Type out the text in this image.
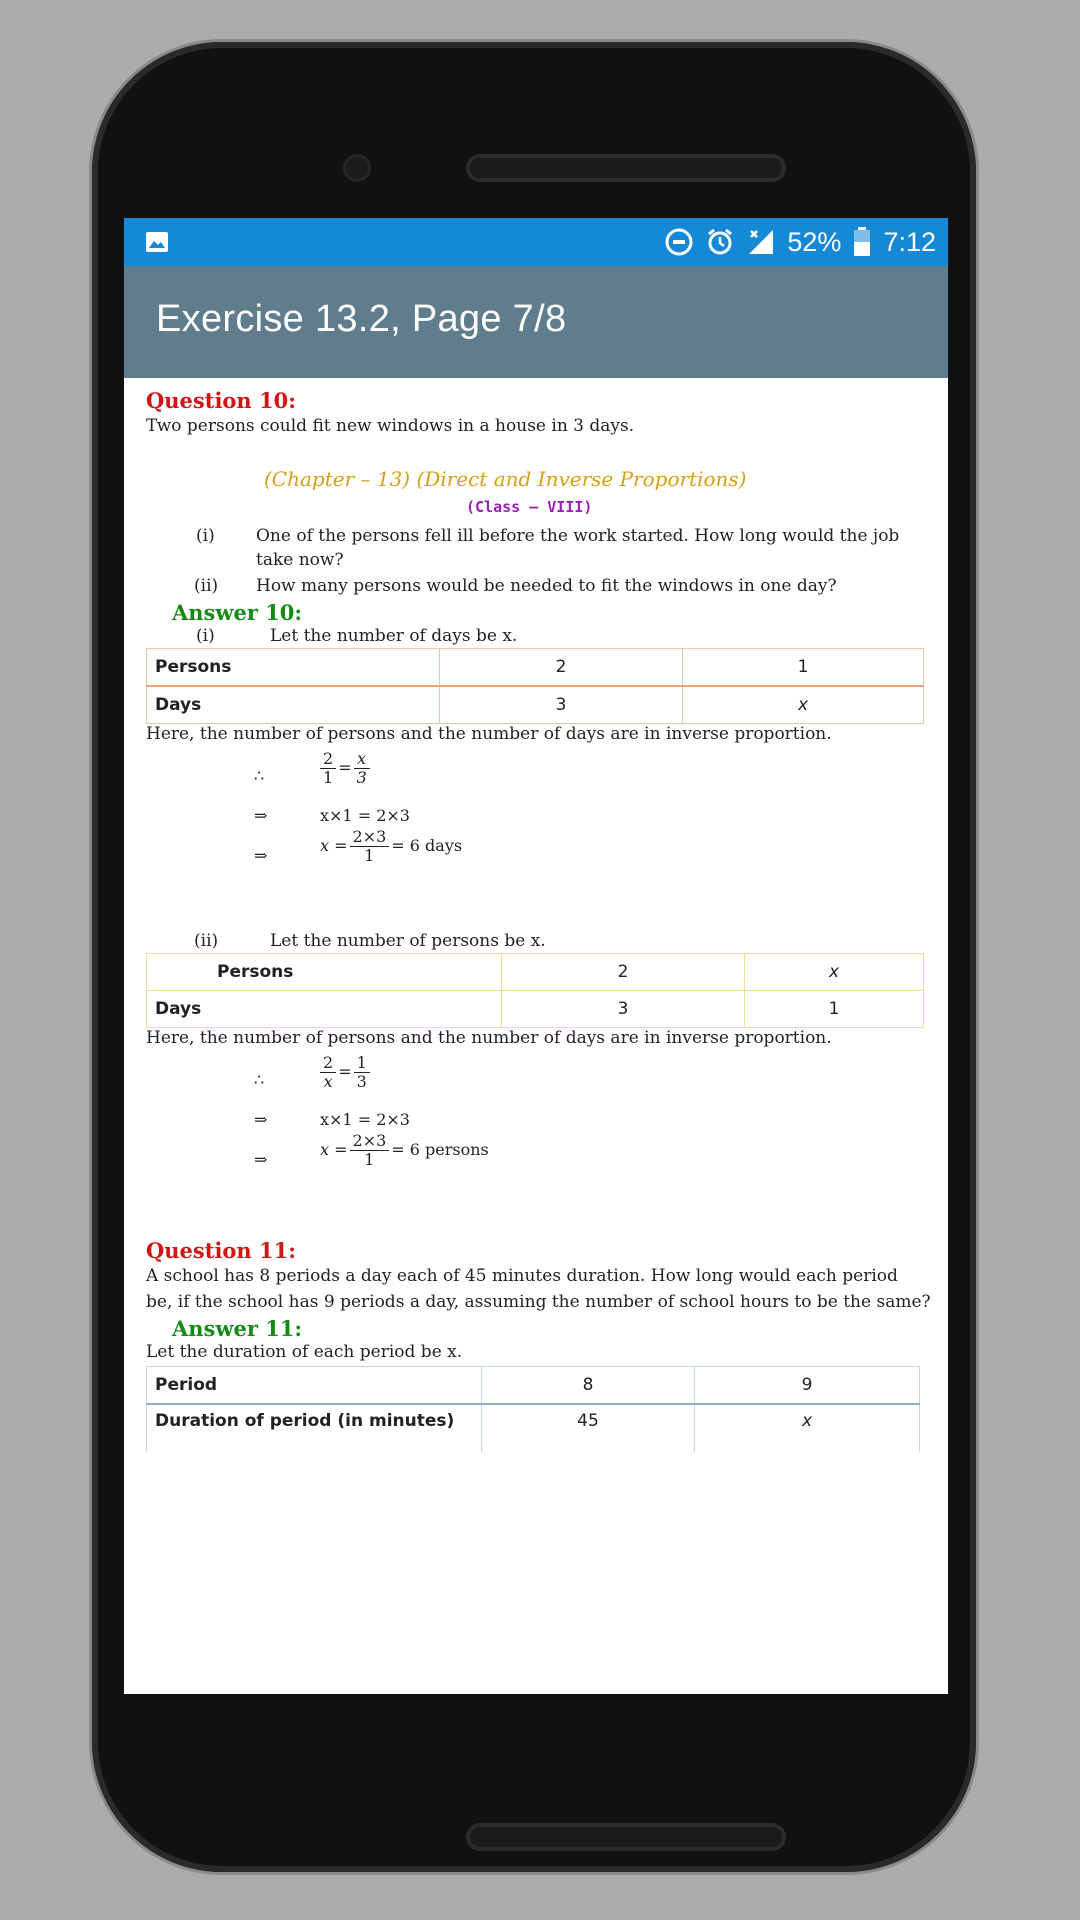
52% 7:12
Exercise 13.2, Page 7/8
Question 10:
Two persons could fit new windows in a house in 3 days.
(Chapter – 13) (Direct and Inverse Proportions)
(Class – VIII)
(i) One of the persons fell ill before the work started. How long would the job
take now?
(ii) How many persons would be needed to fit the windows in one day?
Answer 10:
(i)	Let the number of days be x.
Persons	2	1
Days	3	x
Here, the number of persons and the number of days are in inverse proportion.
∴	$\frac{2}{1} = \frac{x}{3}$
⇒	x×1 = 2×3
⇒
$x = \frac{2\times 3}{1} = 6$ days
(ii)	Let the number of persons be x.
Persons	2	x
Days	3	1
Here, the number of persons and the number of days are in inverse proportion.
∴	$\frac{2}{x} = \frac{1}{3}$
⇒	x×1 = 2×3
⇒
$x = \frac{2\times 3}{1} = 6$ persons
Question 11:
A school has 8 periods a day each of 45 minutes duration. How long would each period
be, if the school has 9 periods a day, assuming the number of school hours to be the same?
Answer 11:
Let the duration of each period be x.
Period	8	9
Duration of period (in minutes)	45	x
